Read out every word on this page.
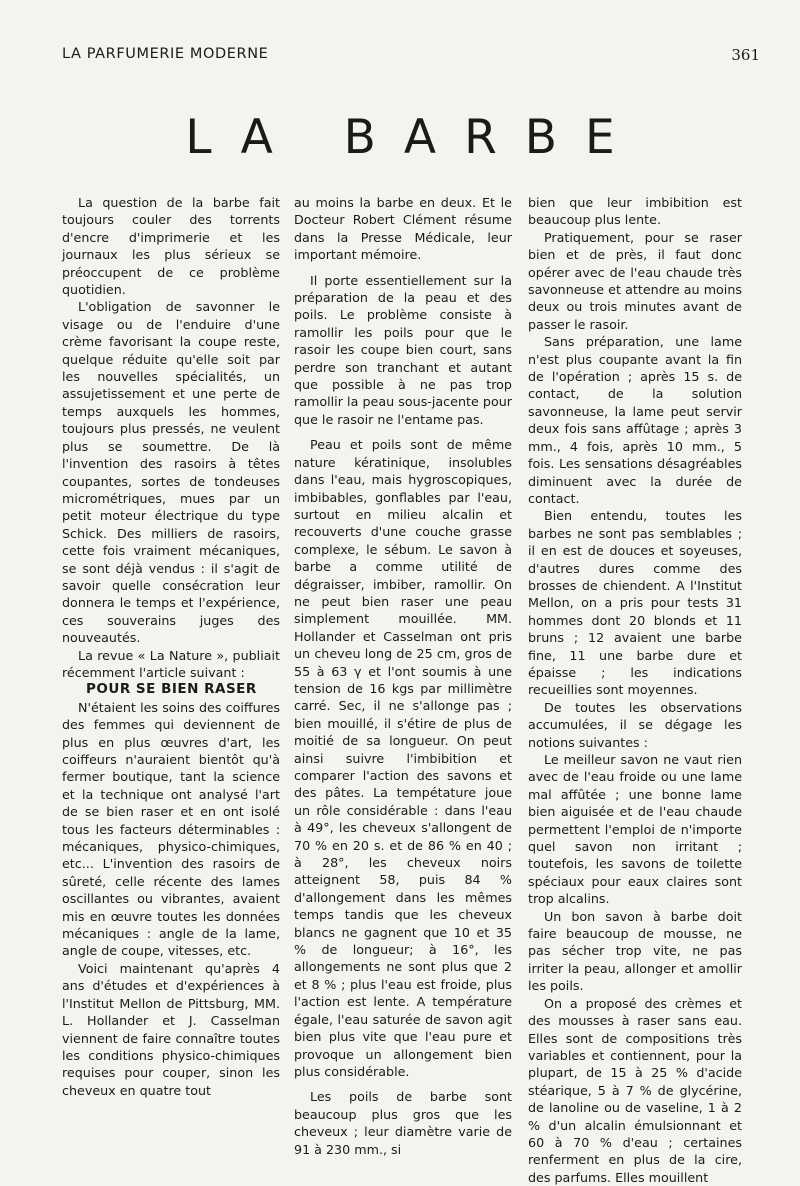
LA PARFUMERIE MODERNE	361
LA BARBE

La question de la barbe fait toujours couler des torrents d'encre d'imprimerie et les journaux les plus sérieux se préoccupent de ce problème quotidien.

L'obligation de savonner le visage ou de l'enduire d'une crème favorisant la coupe reste, quelque réduite qu'elle soit par les nouvelles spécialités, un assujetissement et une perte de temps auxquels les hommes, toujours plus pressés, ne veulent plus se soumettre. De là l'invention des rasoirs à têtes coupantes, sortes de tondeuses micrométriques, mues par un petit moteur électrique du type Schick. Des milliers de rasoirs, cette fois vraiment mécaniques, se sont déjà vendus : il s'agit de savoir quelle consécration leur donnera le temps et l'expérience, ces souverains juges des nouveautés.

La revue « La Nature », publiait récemment l'article suivant :

POUR SE BIEN RASER

N'étaient les soins des coiffures des femmes qui deviennent de plus en plus œuvres d'art, les coiffeurs n'auraient bientôt qu'à fermer boutique, tant la science et la technique ont analysé l'art de se bien raser et en ont isolé tous les facteurs déterminables : mécaniques, physico-chimiques, etc... L'invention des rasoirs de sûreté, celle récente des lames oscillantes ou vibrantes, avaient mis en œuvre toutes les données mécaniques : angle de la lame, angle de coupe, vitesses, etc.

Voici maintenant qu'après 4 ans d'études et d'expériences à l'Institut Mellon de Pittsburg, MM. L. Hollander et J. Casselman viennent de faire connaître toutes les conditions physico-chimiques requises pour couper, sinon les cheveux en quatre tout

au moins la barbe en deux. Et le Docteur Robert Clément résume dans la Presse Médicale, leur important mémoire.

Il porte essentiellement sur la préparation de la peau et des poils. Le problème consiste à ramollir les poils pour que le rasoir les coupe bien court, sans perdre son tranchant et autant que possible à ne pas trop ramollir la peau sous-jacente pour que le rasoir ne l'entame pas.

Peau et poils sont de même nature kératinique, insolubles dans l'eau, mais hygroscopiques, imbibables, gonflables par l'eau, surtout en milieu alcalin et recouverts d'une couche grasse complexe, le sébum. Le savon à barbe a comme utilité de dégraisser, imbiber, ramollir. On ne peut bien raser une peau simplement mouillée. MM. Hollander et Casselman ont pris un cheveu long de 25 cm, gros de 55 à 63 γ et l'ont soumis à une tension de 16 kgs par millimètre carré. Sec, il ne s'allonge pas ; bien mouillé, il s'étire de plus de moitié de sa longueur. On peut ainsi suivre l'imbibition et comparer l'action des savons et des pâtes. La tempétature joue un rôle considérable : dans l'eau à 49°, les cheveux s'allongent de 70 % en 20 s. et de 86 % en 40 ; à 28°, les cheveux noirs atteignent 58, puis 84 % d'allongement dans les mêmes temps tandis que les cheveux blancs ne gagnent que 10 et 35 % de longueur; à 16°, les allongements ne sont plus que 2 et 8 % ; plus l'eau est froide, plus l'action est lente. A température égale, l'eau saturée de savon agit bien plus vite que l'eau pure et provoque un allongement bien plus considérable.

Les poils de barbe sont beaucoup plus gros que les cheveux ; leur diamètre varie de 91 à 230 mm., si

bien que leur imbibition est beaucoup plus lente.

Pratiquement, pour se raser bien et de près, il faut donc opérer avec de l'eau chaude très savonneuse et attendre au moins deux ou trois minutes avant de passer le rasoir.

Sans préparation, une lame n'est plus coupante avant la fin de l'opération ; après 15 s. de contact, de la solution savonneuse, la lame peut servir deux fois sans affûtage ; après 3 mm., 4 fois, après 10 mm., 5 fois. Les sensations désagréables diminuent avec la durée de contact.

Bien entendu, toutes les barbes ne sont pas semblables ; il en est de douces et soyeuses, d'autres dures comme des brosses de chiendent. A l'Institut Mellon, on a pris pour tests 31 hommes dont 20 blonds et 11 bruns ; 12 avaient une barbe fine, 11 une barbe dure et épaisse ; les indications recueillies sont moyennes.

De toutes les observations accumulées, il se dégage les notions suivantes :

Le meilleur savon ne vaut rien avec de l'eau froide ou une lame mal affûtée ; une bonne lame bien aiguisée et de l'eau chaude permettent l'emploi de n'importe quel savon non irritant ; toutefois, les savons de toilette spéciaux pour eaux claires sont trop alcalins.

Un bon savon à barbe doit faire beaucoup de mousse, ne pas sécher trop vite, ne pas irriter la peau, allonger et amollir les poils.

On a proposé des crèmes et des mousses à raser sans eau. Elles sont de compositions très variables et contiennent, pour la plupart, de 15 à 25 % d'acide stéarique, 5 à 7 % de glycérine, de lanoline ou de vaseline, 1 à 2 % d'un alcalin émulsionnant et 60 à 70 % d'eau ; certaines renferment en plus de la cire, des parfums. Elles mouillent
